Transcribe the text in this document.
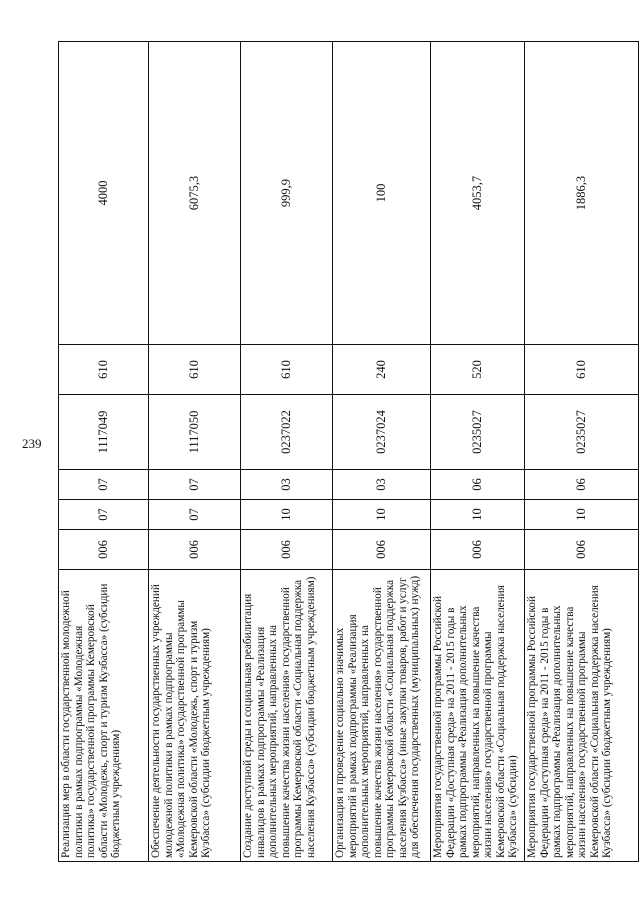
239
Реализация мер в области государственной молодежной политики в рамках подпрограммы «Молодежная политика» государственной программы Кемеровской области «Молодежь, спорт и туризм Кузбасса» (субсидии бюджетным учреждениям)	006	07	07	1117049	610	4000
Обеспечение деятельности государственных учреждений молодежной политики в рамках подпрограммы «Молодежная политика» государственной программы Кемеровской области «Молодежь, спорт и туризм Кузбасса» (субсидии бюджетным учреждениям)	006	07	07	1117050	610	6075,3
Создание доступной среды и социальная реабилитация инвалидов в рамках подпрограммы «Реализация дополнительных мероприятий, направленных на повышение качества жизни населения» государственной программы Кемеровской области «Социальная поддержка населения Кузбасса» (субсидии бюджетным учреждениям)	006	10	03	0237022	610	999,9
Организация и проведение социально значимых мероприятий в рамках подпрограммы «Реализация дополнительных мероприятий, направленных на повышение качества жизни населения» государственной программы Кемеровской области «Социальная поддержка населения Кузбасса» (иные закупки товаров, работ и услуг для обеспечения государственных (муниципальных) нужд)	006	10	03	0237024	240	100
Мероприятия государственной программы Российской Федерации «Доступная среда» на 2011 - 2015 годы в рамках подпрограммы «Реализация дополнительных мероприятий, направленных на повышение качества жизни населения» государственной программы Кемеровской области «Социальная поддержка населения Кузбасса» (субсидии)	006	10	06	0235027	520	4053,7
Мероприятия государственной программы Российской Федерации «Доступная среда» на 2011 - 2015 годы в рамках подпрограммы «Реализация дополнительных мероприятий, направленных на повышение качества жизни населения» государственной программы Кемеровской области «Социальная поддержка населения Кузбасса» (субсидии бюджетным учреждениям)	006	10	06	0235027	610	1886,3
